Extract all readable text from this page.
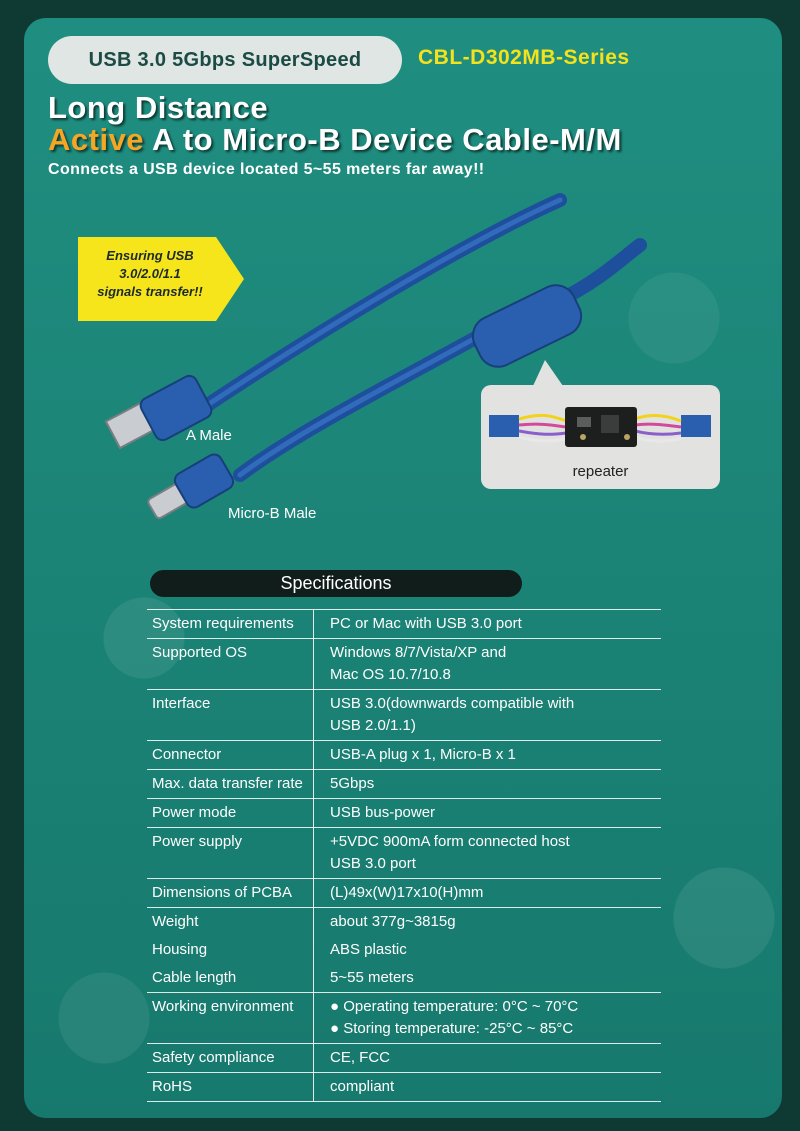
USB 3.0 5Gbps SuperSpeed	CBL-D302MB-Series
Long Distance
Active A to Micro-B Device Cable-M/M
Connects a USB device located 5~55 meters far away!!
Ensuring USB
3.0/2.0/1.1
signals transfer!!
A Male
Micro-B Male
repeater
Specifications
System requirements	PC or Mac with USB 3.0 port

Supported OS	Windows 8/7/Vista/XP and
Mac OS 10.7/10.8

Interface	USB 3.0(downwards compatible with
USB 2.0/1.1)

Connector	USB-A plug x 1, Micro-B x 1

Max. data transfer rate	5Gbps

Power mode	USB bus-power

Power supply	+5VDC 900mA form connected host
USB 3.0 port

Dimensions of PCBA	(L)49x(W)17x10(H)mm

Weight	about 377g~3815g

Housing	ABS plastic

Cable length	5~55 meters

Working environment	● Operating temperature: 0°C ~ 70°C
● Storing temperature: -25°C ~ 85°C

Safety compliance	CE, FCC

RoHS	compliant
